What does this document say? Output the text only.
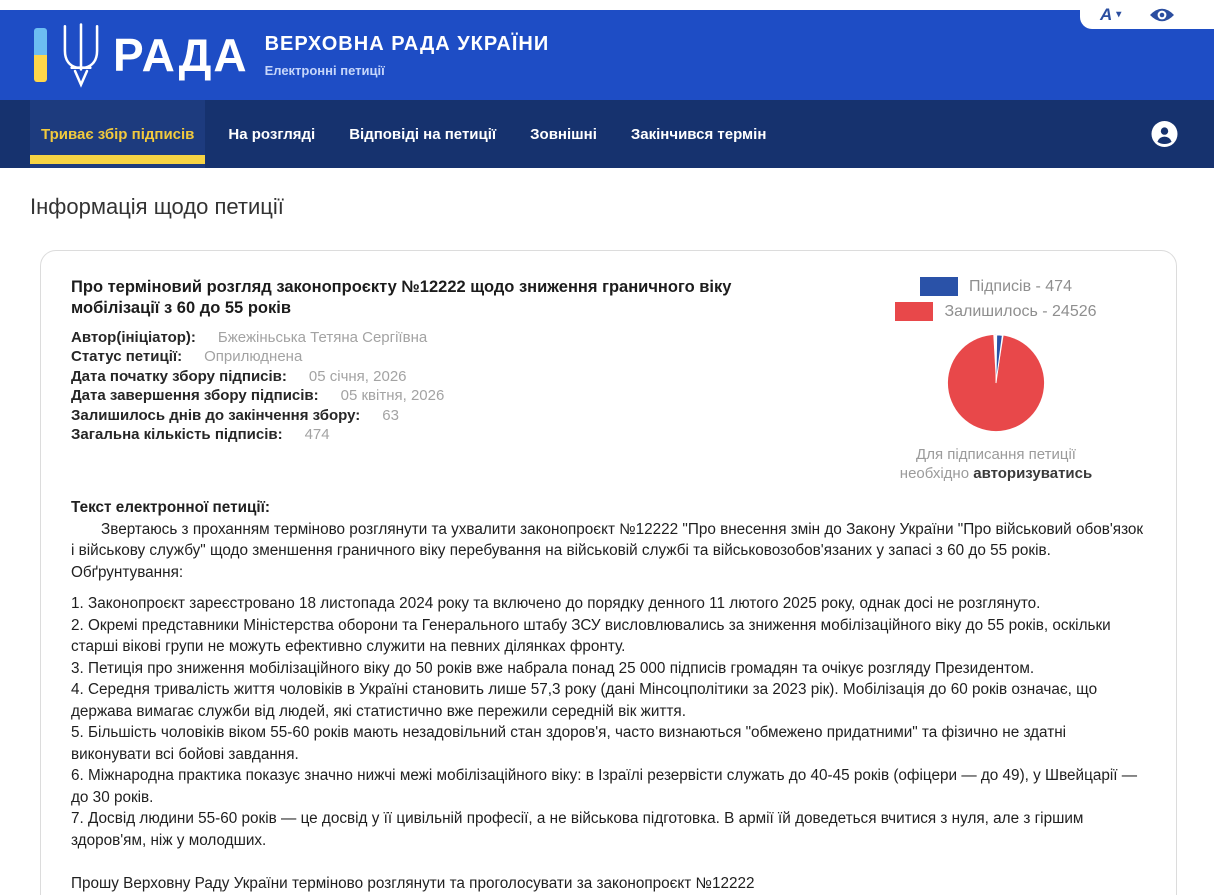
A ▾
РАДА ВЕРХОВНА РАДА УКРАЇНИ
Електронні петиції
Триває збір підписів На розгляді Відповіді на петиції Зовнішні Закінчився термін
Інформація щодо петиції
Про терміновий розгляд законопроєкту №12222 щодо зниження граничного віку мобілізації з 60 до 55 років

Автор(ініціатор): Бжежіньська Тетяна Сергіївна

Статус петиції: Оприлюднена

Дата початку збору підписів: 05 січня, 2026

Дата завершення збору підписів: 05 квітня, 2026

Залишилось днів до закінчення збору: 63

Загальна кількість підписів: 474

Підписів - 474
Залишилось - 24526
Для підписання петиції
необхідно авторизуватись

Текст електронної петиції:

Звертаюсь з проханням терміново розглянути та ухвалити законопроєкт №12222 "Про внесення змін до Закону України "Про військовий обов'язок і військову службу" щодо зменшення граничного віку перебування на військовій службі та військовозобов'язаних у запасі з 60 до 55 років.

Обґрунтування:

1. Законопроєкт зареєстровано 18 листопада 2024 року та включено до порядку денного 11 лютого 2025 року, однак досі не розглянуто.

2. Окремі представники Міністерства оборони та Генерального штабу ЗСУ висловлювались за зниження мобілізаційного віку до 55 років, оскільки старші вікові групи не можуть ефективно служити на певних ділянках фронту.

3. Петиція про зниження мобілізаційного віку до 50 років вже набрала понад 25 000 підписів громадян та очікує розгляду Президентом.

4. Середня тривалість життя чоловіків в Україні становить лише 57,3 року (дані Мінсоцполітики за 2023 рік). Мобілізація до 60 років означає, що держава вимагає служби від людей, які статистично вже пережили середній вік життя.

5. Більшість чоловіків віком 55-60 років мають незадовільний стан здоров'я, часто визнаються "обмежено придатними" та фізично не здатні виконувати всі бойові завдання.

6. Міжнародна практика показує значно нижчі межі мобілізаційного віку: в Ізраїлі резервісти служать до 40-45 років (офіцери — до 49), у Швейцарії — до 30 років.

7. Досвід людини 55-60 років — це досвід у її цивільній професії, а не військова підготовка. В армії їй доведеться вчитися з нуля, але з гіршим здоров'ям, ніж у молодших.

Прошу Верховну Раду України терміново розглянути та проголосувати за законопроєкт №12222
